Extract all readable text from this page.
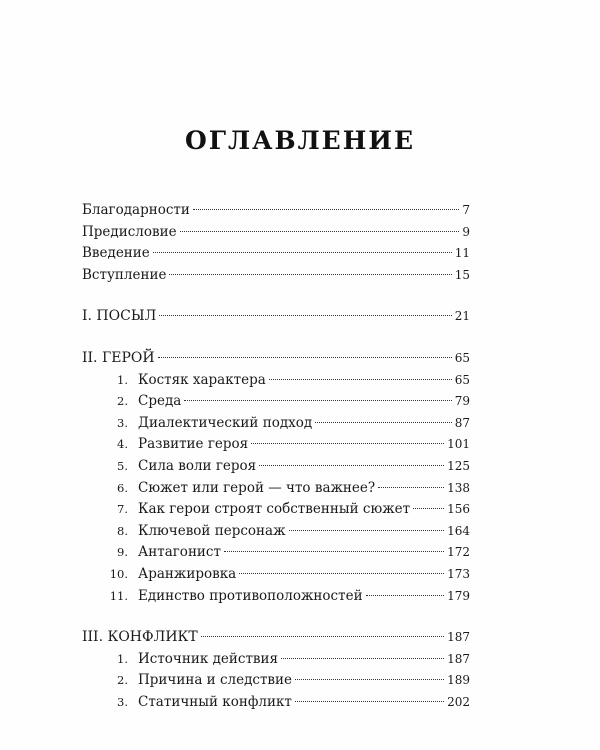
ОГЛАВЛЕНИЕ
Благодарности	7
Предисловие	9
Введение	11
Вступление	15
I. ПОСЫЛ	21
II. ГЕРОЙ	65
1. Костяк характера	65
2. Среда	79
3. Диалектический подход	87
4. Развитие героя	101
5. Сила воли героя	125
6. Сюжет или герой — что важнее?	138
7. Как герои строят собственный сюжет	156
8. Ключевой персонаж	164
9. Антагонист	172
10. Аранжировка	173
11. Единство противоположностей	179
III. КОНФЛИКТ	187
1. Источник действия	187
2. Причина и следствие	189
3. Статичный конфликт	202
